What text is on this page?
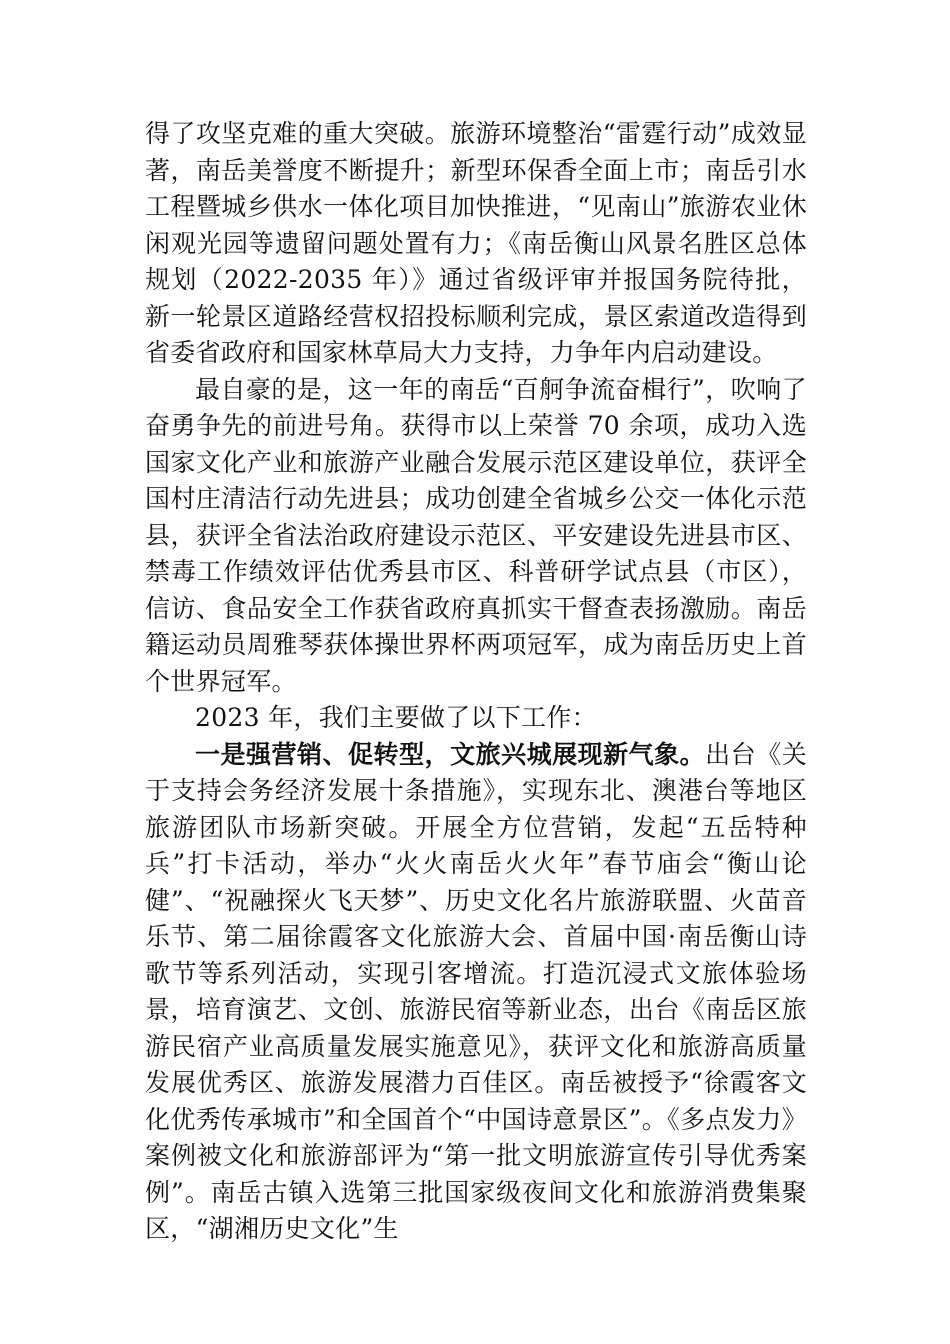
得了攻坚克难的重大突破。旅游环境整治“雷霆行动”成效显著，南岳美誉度不断提升；新型环保香全面上市；南岳引水工程暨城乡供水一体化项目加快推进，“见南山”旅游农业休闲观光园等遗留问题处置有力；《南岳衡山风景名胜区总体规划（2022-2035 年）》通过省级评审并报国务院待批，新一轮景区道路经营权招投标顺利完成，景区索道改造得到省委省政府和国家林草局大力支持，力争年内启动建设。

最自豪的是，这一年的南岳“百舸争流奋楫行”，吹响了奋勇争先的前进号角。获得市以上荣誉 70 余项，成功入选国家文化产业和旅游产业融合发展示范区建设单位，获评全国村庄清洁行动先进县；成功创建全省城乡公交一体化示范县，获评全省法治政府建设示范区、平安建设先进县市区、禁毒工作绩效评估优秀县市区、科普研学试点县（市区），信访、食品安全工作获省政府真抓实干督查表扬激励。南岳籍运动员周雅琴获体操世界杯两项冠军，成为南岳历史上首个世界冠军。

2023 年，我们主要做了以下工作：

一是强营销、促转型，文旅兴城展现新气象。出台《关于支持会务经济发展十条措施》，实现东北、澳港台等地区旅游团队市场新突破。开展全方位营销，发起“五岳特种兵”打卡活动，举办“火火南岳火火年”春节庙会“衡山论健”、“祝融探火飞天梦”、历史文化名片旅游联盟、火苗音乐节、第二届徐霞客文化旅游大会、首届中国·南岳衡山诗歌节等系列活动，实现引客增流。打造沉浸式文旅体验场景，培育演艺、文创、旅游民宿等新业态，出台《南岳区旅游民宿产业高质量发展实施意见》，获评文化和旅游高质量发展优秀区、旅游发展潜力百佳区。南岳被授予“徐霞客文化优秀传承城市”和全国首个“中国诗意景区”。《多点发力》案例被文化和旅游部评为“第一批文明旅游宣传引导优秀案例”。南岳古镇入选第三批国家级夜间文化和旅游消费集聚区，“湖湘历史文化”生
